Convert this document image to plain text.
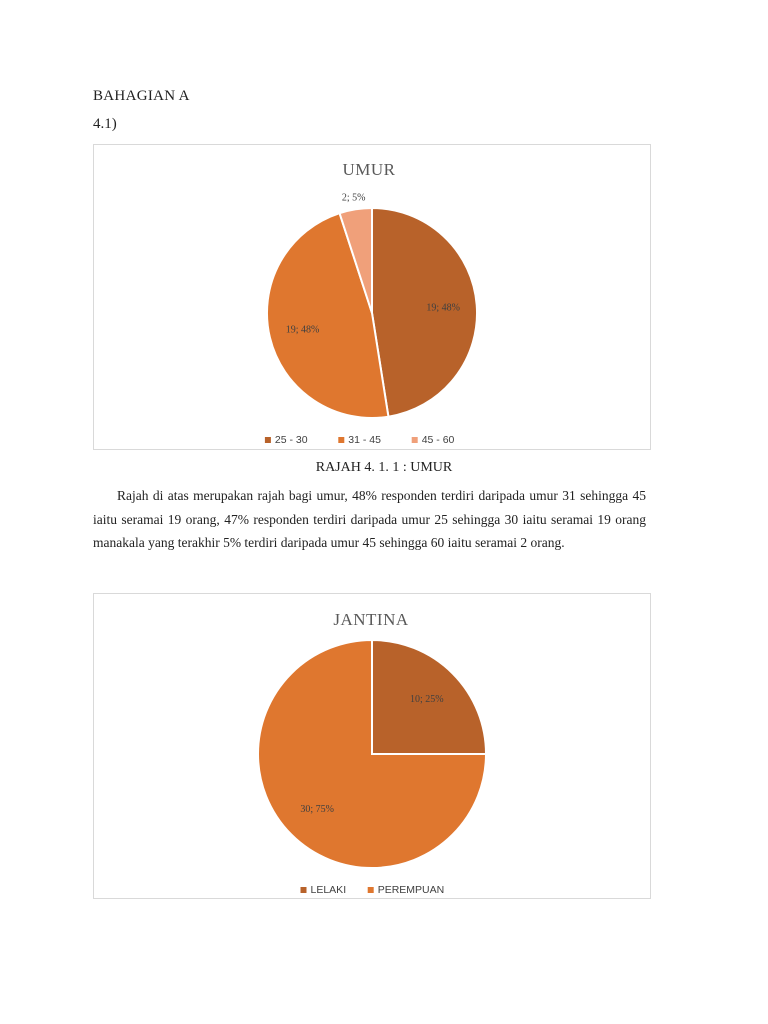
BAHAGIAN A
4.1)
UMUR
19; 48%
19; 48%
2; 5%
25 - 30	31 - 45	45 - 60
RAJAH 4. 1. 1 : UMUR
Rajah di atas merupakan rajah bagi umur, 48% responden terdiri daripada umur 31 sehingga 45 iaitu seramai 19 orang, 47% responden terdiri daripada umur 25 sehingga 30 iaitu seramai 19 orang manakala yang terakhir 5% terdiri daripada umur 45 sehingga 60 iaitu seramai 2 orang.
JANTINA
10; 25%
30; 75%
LELAKI	PEREMPUAN
